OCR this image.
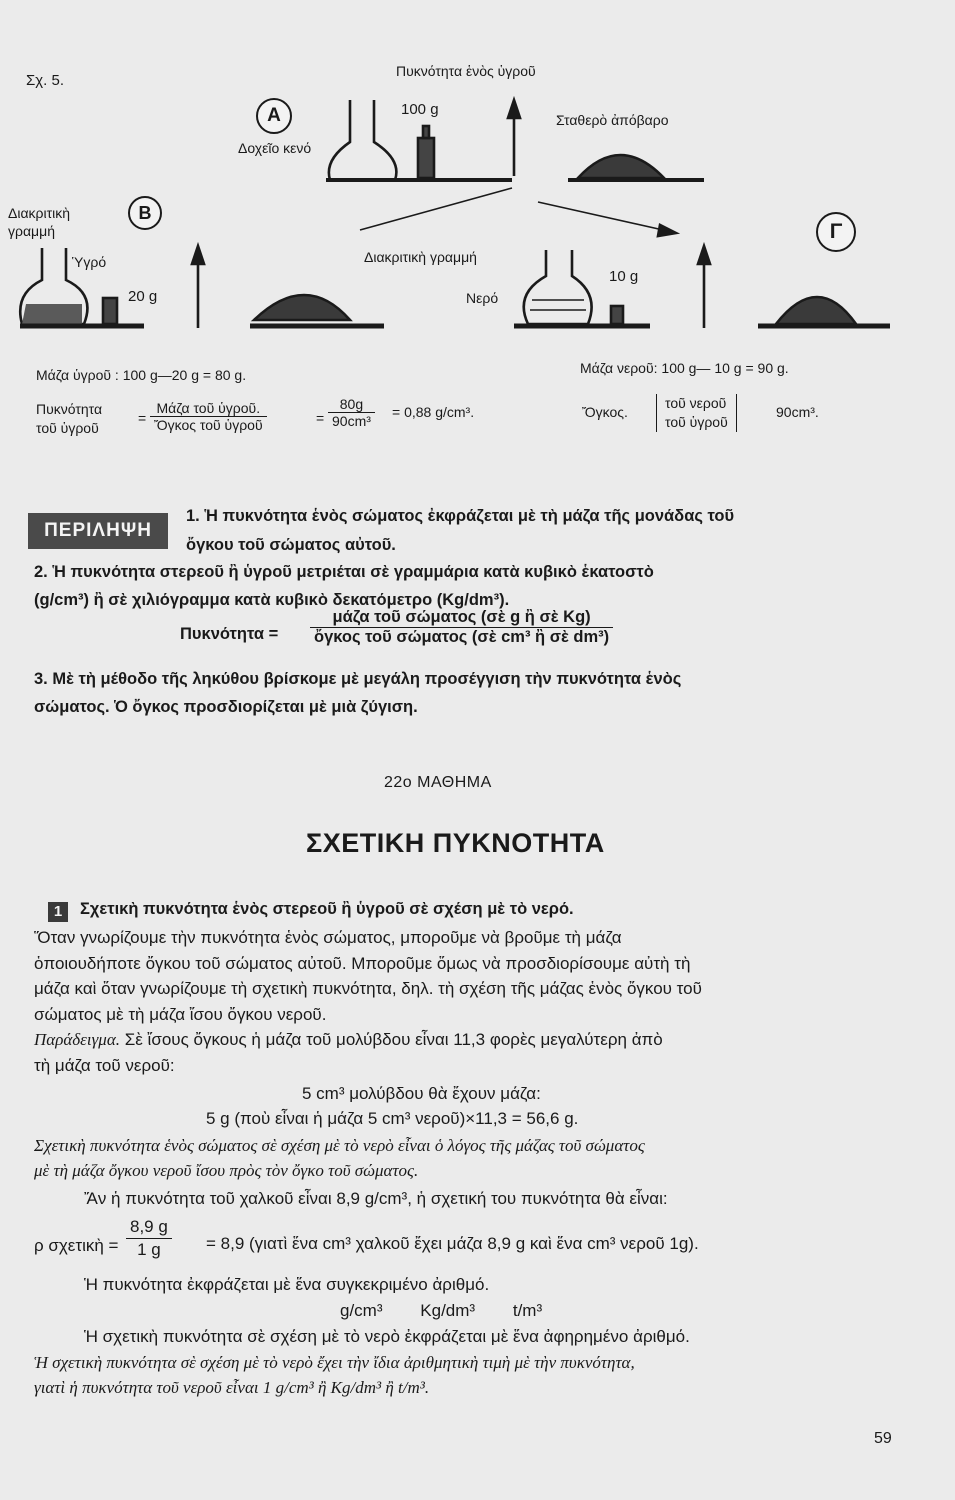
Σχ. 5.
Πυκνότητα ἑνὸς ὑγροῦ
A	100 g
Δοχεῖο κενό
Σταθερὸ ἀπόβαρο
B
Διακριτικὴ
γραμμή
Ὑγρό
20 g
Γ
Διακριτικὴ γραμμή
Νερό
10 g
Μάζα ὑγροῦ : 100 g—20 g = 80 g.	Μάζα νεροῦ: 100 g— 10 g = 90 g.
Πυκνότητα
τοῦ ὑγροῦ
=
Μάζα τοῦ ὑγροῦ.
Ὄγκος τοῦ ὑγροῦ	= $\frac{80g}{\text{90cm³}} = 0,88$ g/cm³.	Ὄγκος.
τοῦ νεροῦ
τοῦ ὑγροῦ
90cm³.
ΠΕΡΙΛΗΨΗ
1. Ἡ πυκνότητα ἑνὸς σώματος ἐκφράζεται μὲ τὴ μάζα τῆς μονάδας τοῦ
ὄγκου τοῦ σώματος αὐτοῦ.
2. Ἡ πυκνότητα στερεοῦ ἢ ὑγροῦ μετριέται σὲ γραμμάρια κατὰ κυβικὸ ἑκατοστὸ
(g/cm³) ἢ σὲ χιλιόγραμμα κατὰ κυβικὸ δεκατόμετρο (Kg/dm³).
Πυκνότητα =
μάζα τοῦ σώματος (σὲ g ἢ σὲ Kg)
ὄγκος τοῦ σώματος (σὲ cm³ ἢ σὲ dm³)
3. Μὲ τὴ μέθοδο τῆς ληκύθου βρίσκομε μὲ μεγάλη προσέγγιση τὴν πυκνότητα ἑνὸς
σώματος. Ὁ ὄγκος προσδιορίζεται μὲ μιὰ ζύγιση.
22ο ΜΑΘΗΜΑ
ΣΧΕΤΙΚΗ ΠΥΚΝΟΤΗΤΑ
1	Σχετικὴ πυκνότητα ἑνὸς στερεοῦ ἢ ὑγροῦ σὲ σχέση μὲ τὸ νερό.
Ὅταν γνωρίζουμε τὴν πυκνότητα ἑνὸς σώματος, μποροῦμε νὰ βροῦμε τὴ μάζα
ὁποιουδήποτε ὄγκου τοῦ σώματος αὐτοῦ. Μποροῦμε ὅμως νὰ προσδιορίσουμε αὐτὴ τὴ
μάζα καὶ ὅταν γνωρίζουμε τὴ σχετικὴ πυκνότητα, δηλ. τὴ σχέση τῆς μάζας ἑνὸς ὄγκου τοῦ
σώματος μὲ τὴ μάζα ἴσου ὄγκου νεροῦ.
Παράδειγμα. Σὲ ἴσους ὄγκους ἡ μάζα τοῦ μολύβδου εἶναι 11,3 φορὲς μεγαλύτερη ἀπὸ
τὴ μάζα τοῦ νεροῦ:
5 cm³ μολύβδου θὰ ἔχουν μάζα:
5 g (ποὺ εἶναι ἡ μάζα 5 cm³ νεροῦ)×11,3 = 56,6 g.
Σχετικὴ πυκνότητα ἑνὸς σώματος σὲ σχέση μὲ τὸ νερὸ εἶναι ὁ λόγος τῆς μάζας τοῦ σώματος
μὲ τὴ μάζα ὄγκου νεροῦ ἴσου πρὸς τὸν ὄγκο τοῦ σώματος.
Ἄν ἡ πυκνότητα τοῦ χαλκοῦ εἶναι 8,9 g/cm³, ἡ σχετική του πυκνότητα θὰ εἶναι:
ρ σχετικὴ = $\frac{8,9 g}{1 g} = 8,9$ (γιατὶ ἕνα cm³ χαλκοῦ ἔχει μάζα 8,9 g καὶ ἕνα cm³ νεροῦ 1g).
Ἡ πυκνότητα ἐκφράζεται μὲ ἕνα συγκεκριμένο ἀριθμό.
g/cm³        Kg/dm³        t/m³
Ἡ σχετικὴ πυκνότητα σὲ σχέση μὲ τὸ νερὸ ἐκφράζεται μὲ ἕνα ἀφηρημένο ἀριθμό.
Ἡ σχετικὴ πυκνότητα σὲ σχέση μὲ τὸ νερὸ ἔχει τὴν ἴδια ἀριθμητικὴ τιμὴ μὲ τὴν πυκνότητα,
γιατὶ ἡ πυκνότητα τοῦ νεροῦ εἶναι 1 g/cm³ ἢ Kg/dm³ ἢ t/m³.
59
